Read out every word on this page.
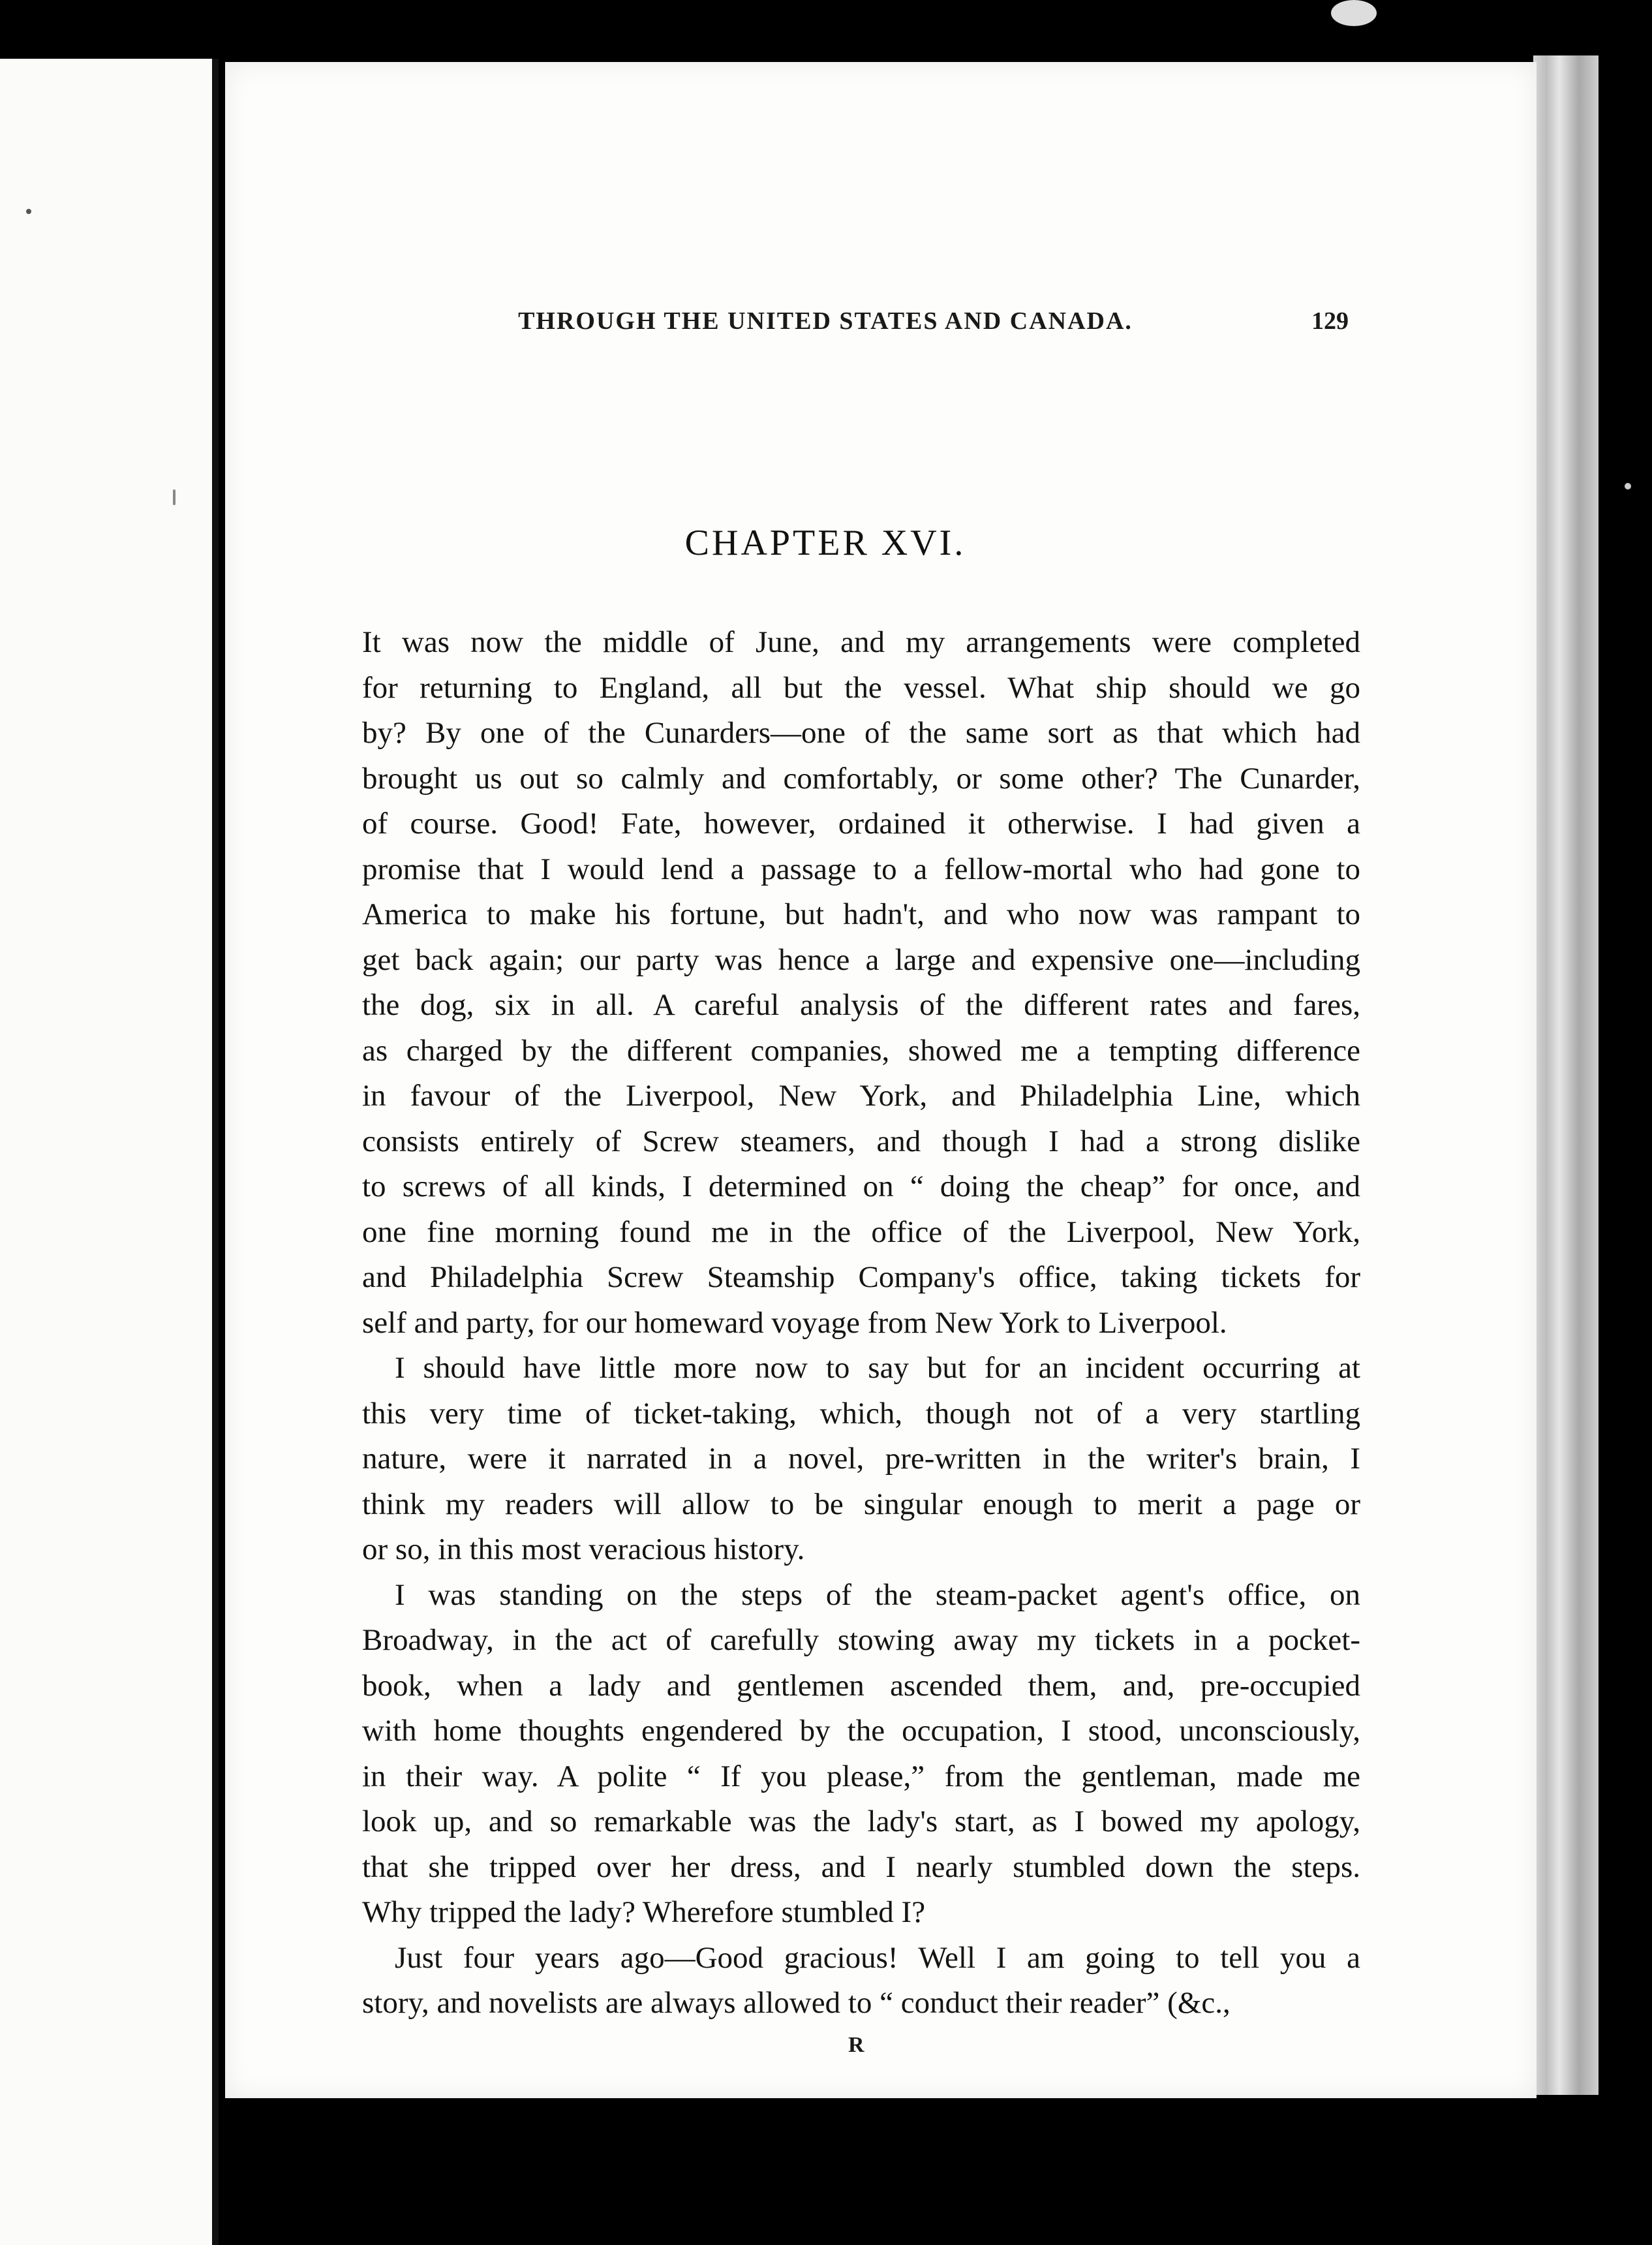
THROUGH THE UNITED STATES AND CANADA.	129
CHAPTER XVI.
It was now the middle of June, and my arrangements were completed
for returning to England, all but the vessel. What ship should we go
by? By one of the Cunarders—one of the same sort as that which had
brought us out so calmly and comfortably, or some other? The Cunarder,
of course. Good! Fate, however, ordained it otherwise. I had given a
promise that I would lend a passage to a fellow-mortal who had gone to
America to make his fortune, but hadn't, and who now was rampant to
get back again; our party was hence a large and expensive one—including
the dog, six in all. A careful analysis of the different rates and fares,
as charged by the different companies, showed me a tempting difference
in favour of the Liverpool, New York, and Philadelphia Line, which
consists entirely of Screw steamers, and though I had a strong dislike
to screws of all kinds, I determined on “ doing the cheap” for once, and
one fine morning found me in the office of the Liverpool, New York,
and Philadelphia Screw Steamship Company's office, taking tickets for
self and party, for our homeward voyage from New York to Liverpool.
I should have little more now to say but for an incident occurring at
this very time of ticket-taking, which, though not of a very startling
nature, were it narrated in a novel, pre-written in the writer's brain, I
think my readers will allow to be singular enough to merit a page or
or so, in this most veracious history.
I was standing on the steps of the steam-packet agent's office, on
Broadway, in the act of carefully stowing away my tickets in a pocket-
book, when a lady and gentlemen ascended them, and, pre-occupied
with home thoughts engendered by the occupation, I stood, unconsciously,
in their way. A polite “ If you please,” from the gentleman, made me
look up, and so remarkable was the lady's start, as I bowed my apology,
that she tripped over her dress, and I nearly stumbled down the steps.
Why tripped the lady? Wherefore stumbled I?
Just four years ago—Good gracious! Well I am going to tell you a
story, and novelists are always allowed to “ conduct their reader” (&c.,
R
